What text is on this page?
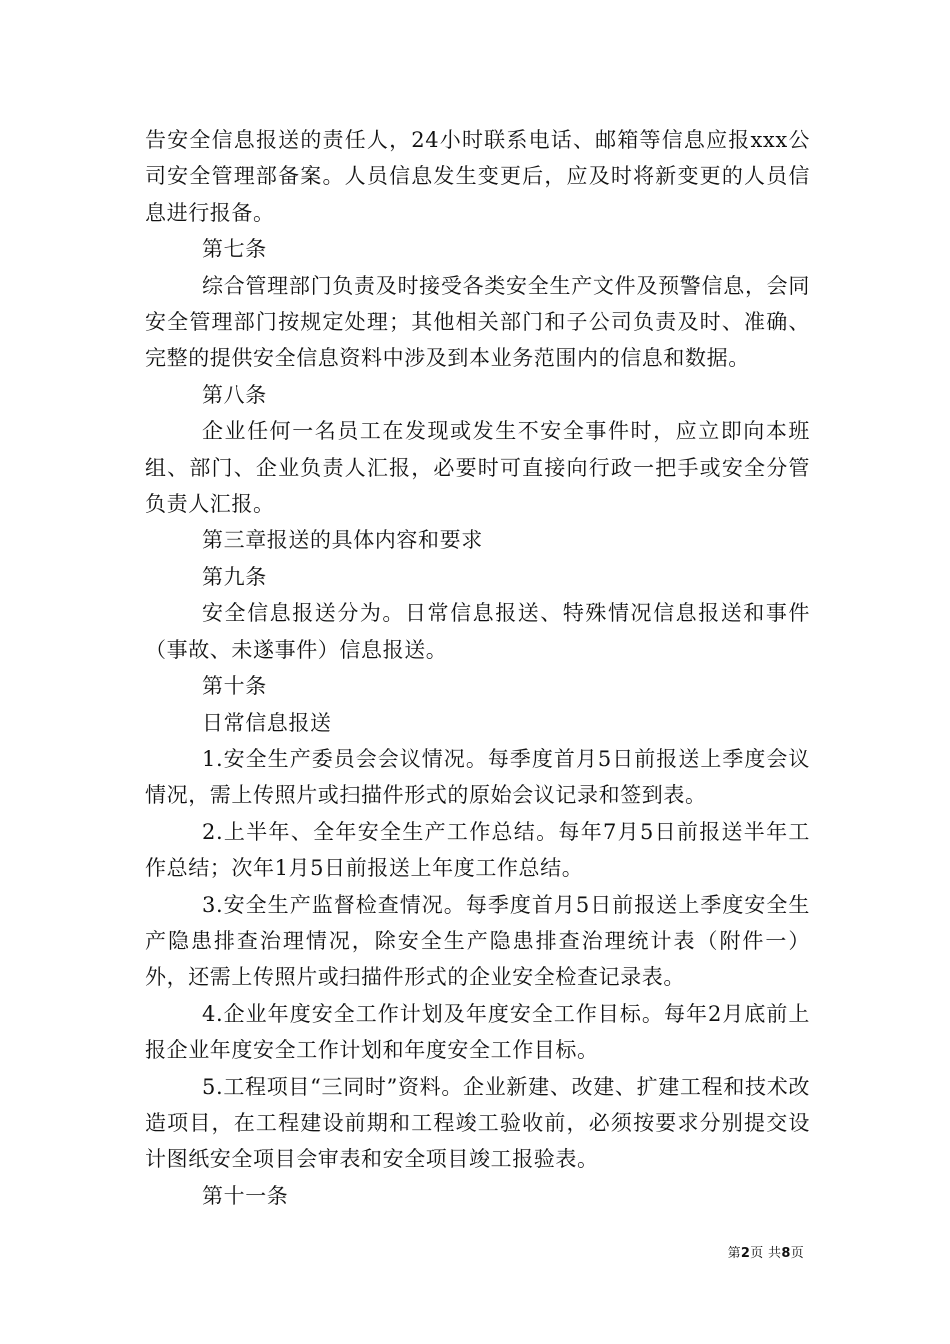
告安全信息报送的责任人，24小时联系电话、邮箱等信息应报xxx公司安全管理部备案。人员信息发生变更后，应及时将新变更的人员信息进行报备。

第七条

综合管理部门负责及时接受各类安全生产文件及预警信息，会同安全管理部门按规定处理；其他相关部门和子公司负责及时、准确、完整的提供安全信息资料中涉及到本业务范围内的信息和数据。

第八条

企业任何一名员工在发现或发生不安全事件时，应立即向本班组、部门、企业负责人汇报，必要时可直接向行政一把手或安全分管负责人汇报。

第三章报送的具体内容和要求

第九条

安全信息报送分为。日常信息报送、特殊情况信息报送和事件（事故、未遂事件）信息报送。

第十条

日常信息报送

1.安全生产委员会会议情况。每季度首月5日前报送上季度会议情况，需上传照片或扫描件形式的原始会议记录和签到表。

2.上半年、全年安全生产工作总结。每年7月5日前报送半年工作总结；次年1月5日前报送上年度工作总结。

3.安全生产监督检查情况。每季度首月5日前报送上季度安全生产隐患排查治理情况，除安全生产隐患排查治理统计表（附件一）外，还需上传照片或扫描件形式的企业安全检查记录表。

4.企业年度安全工作计划及年度安全工作目标。每年2月底前上报企业年度安全工作计划和年度安全工作目标。

5.工程项目“三同时”资料。企业新建、改建、扩建工程和技术改造项目，在工程建设前期和工程竣工验收前，必须按要求分别提交设计图纸安全项目会审表和安全项目竣工报验表。

第十一条

第2页 共8页
